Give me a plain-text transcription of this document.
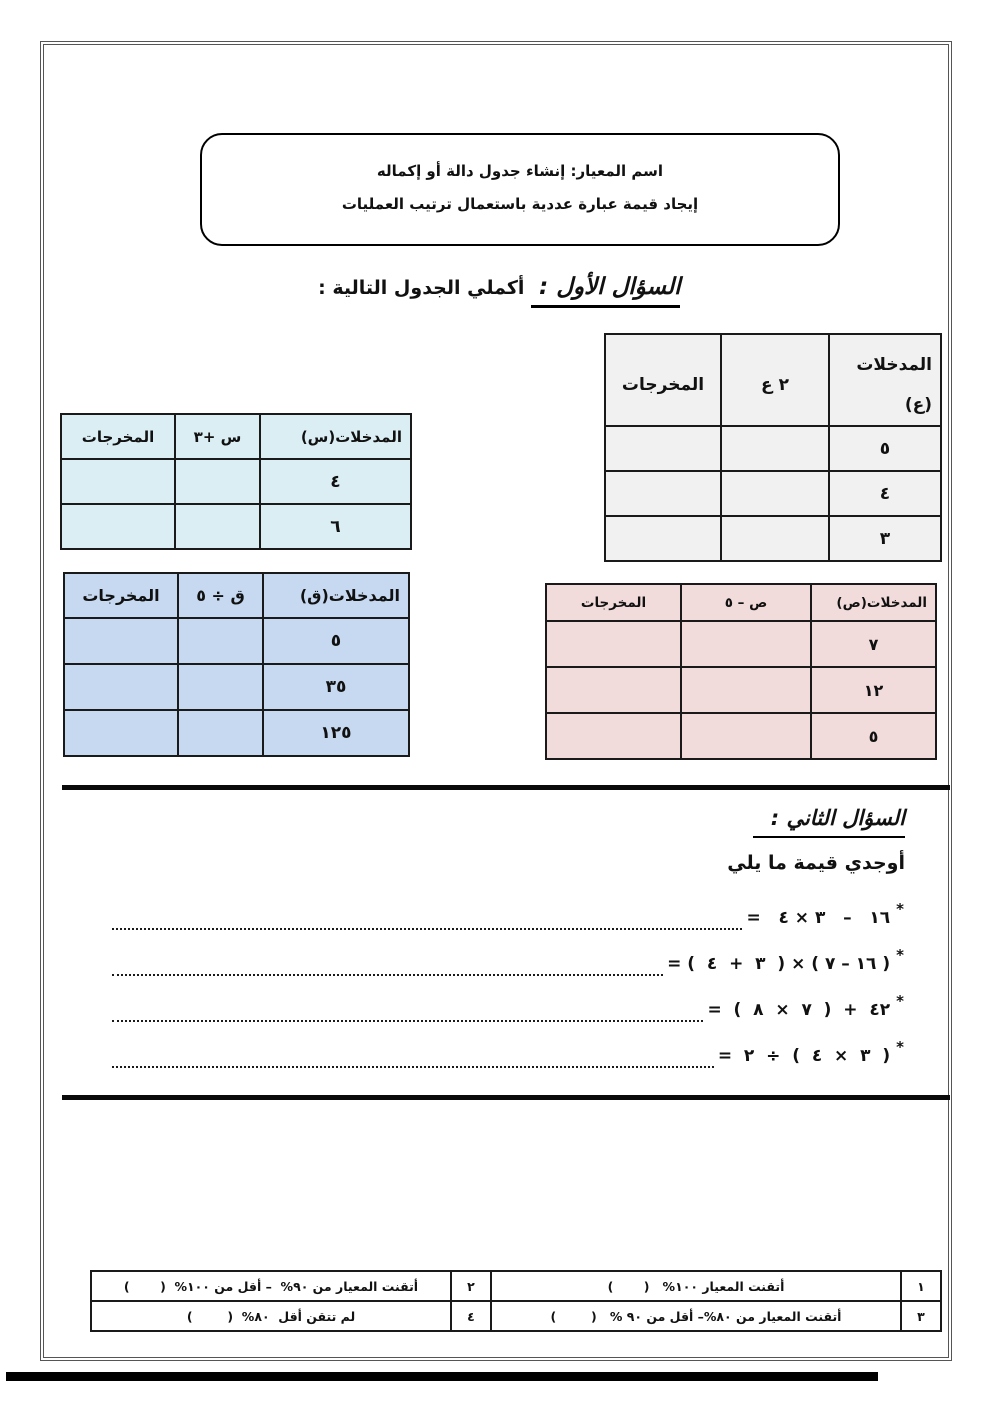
اسم المعيار: إنشاء جدول دالة أو إكماله
إيجاد قيمة عبارة عددية باستعمال ترتيب العمليات
السؤال الأول :  أكملي الجدول التالية :
المدخلات
(ع)	٢ ع	المخرجات
٥		
٤		
٣		
المدخلات(س)	س +٣	المخرجات
٤		
٦		
المدخلات(ق)	ق ÷ ٥	المخرجات
٥		
٣٥		
١٢٥		
المدخلات(ص)	ص – ٥	المخرجات
٧		
١٢		
٥		
السؤال الثاني :
أوجدي قيمة ما يلي
*
١٦   –   ٣ × ٤   =
*
( ١٦ – ٧ ) × (  ٣  +  ٤  ) =
*
٤٢  +  (  ٧  ×  ٨  )  =
*
(  ٣  ×  ٤  )  ÷  ٢  =
١	أتقنت المعيار ١٠٠%   (       )	٢	أتقنت المعيار من ٩٠%  – أقل من ١٠٠%  (       )
٣	أتقنت المعيار من ٨٠%– أقل من ٩٠ %   (        )	٤	لم تتقن أقل  ٨٠%  (        )
